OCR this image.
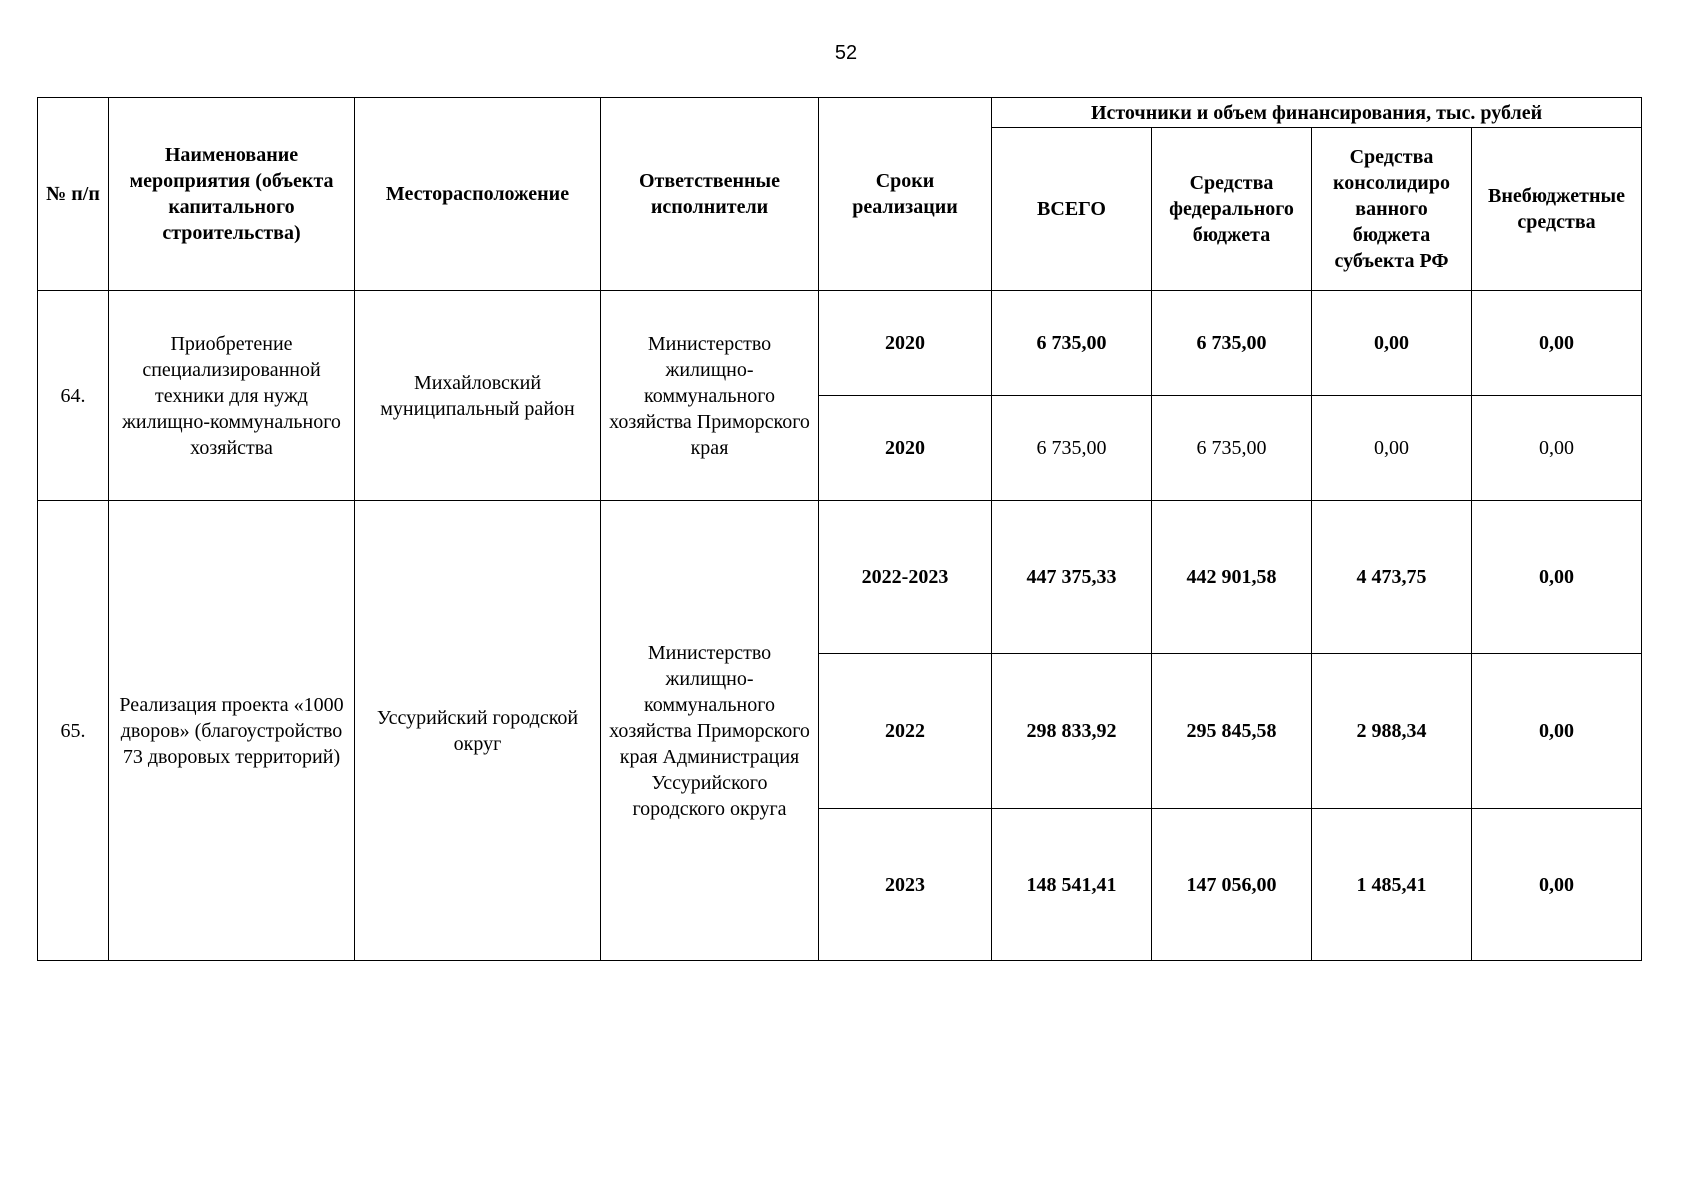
52
№ п/п	Наименование мероприятия (объекта капитального строительства)	Месторасположение	Ответственные исполнители	Сроки реализации	Источники и объем финансирования, тыс. рублей			
					ВСЕГО	Средства федерального бюджета	Средства консолидиро ванного бюджета субъекта РФ	Внебюджетные средства
64.	Приобретение специализированной техники для нужд жилищно-коммунального хозяйства	Михайловский муниципальный район	Министерство жилищно-коммунального хозяйства Приморского края	2020	6 735,00	6 735,00	0,00	0,00
				2020	6 735,00	6 735,00	0,00	0,00
65.	Реализация проекта «1000 дворов» (благоустройство 73 дворовых территорий)	Уссурийский городской округ	Министерство жилищно-коммунального хозяйства Приморского края Администрация Уссурийского городского округа	2022-2023	447 375,33	442 901,58	4 473,75	0,00
				2022	298 833,92	295 845,58	2 988,34	0,00
				2023	148 541,41	147 056,00	1 485,41	0,00
